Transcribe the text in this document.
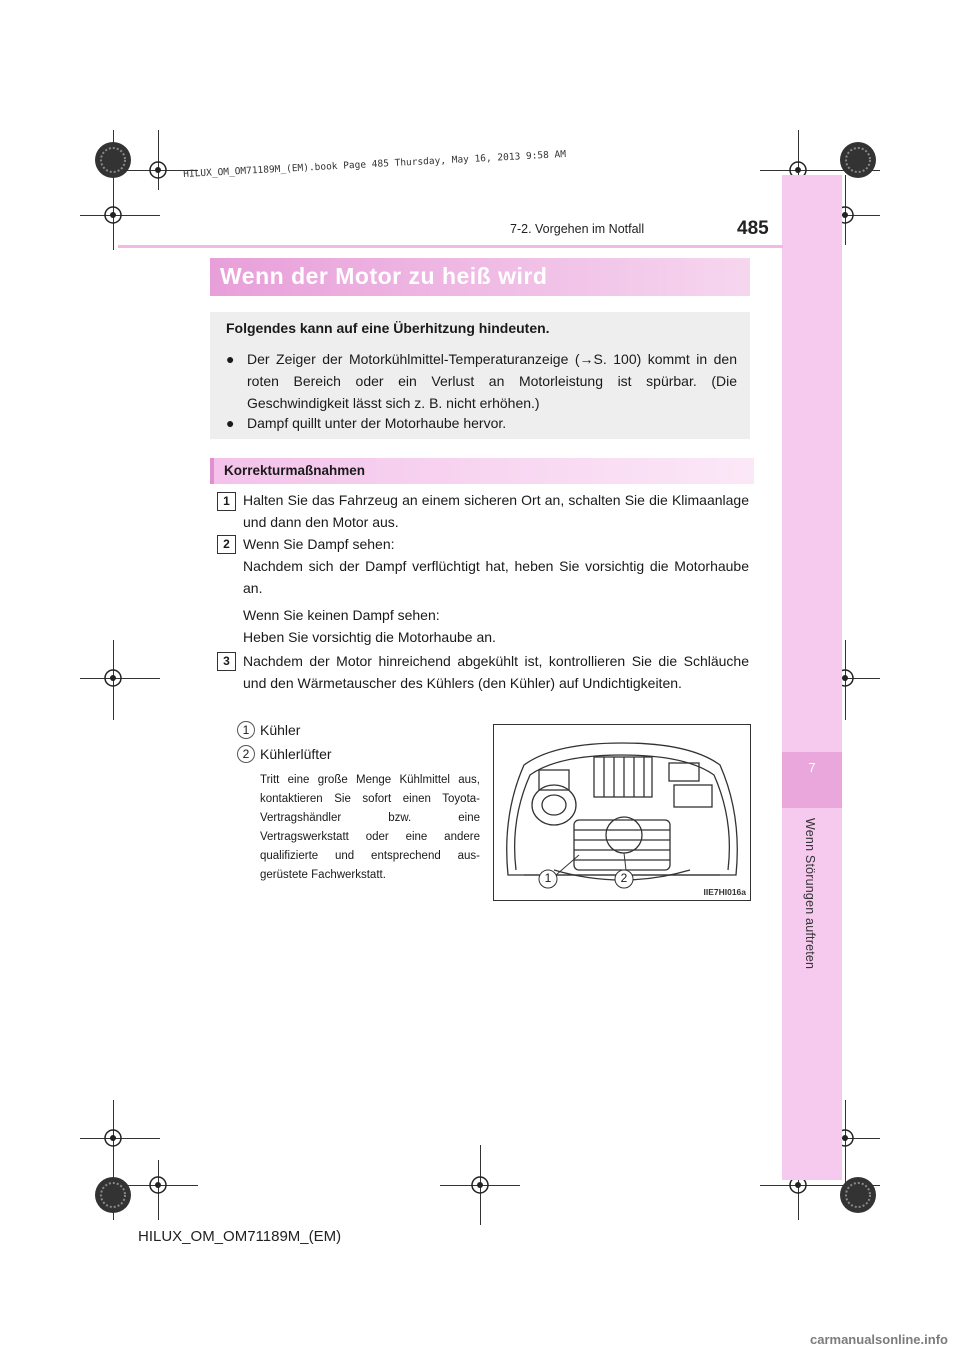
7
Wenn Störungen auftreten
HILUX_OM_OM71189M_(EM).book Page 485 Thursday, May 16, 2013 9:58 AM
7-2. Vorgehen im Notfall	485
Wenn der Motor zu heiß wird
Folgendes kann auf eine Überhitzung hindeuten.
● Der Zeiger der Motorkühlmittel-Temperaturanzeige (→S. 100) kommt in den roten Bereich oder ein Verlust an Motorleistung ist spürbar. (Die Geschwindigkeit lässt sich z. B. nicht erhöhen.)
● Dampf quillt unter der Motorhaube hervor.
Korrekturmaßnahmen
1 Halten Sie das Fahrzeug an einem sicheren Ort an, schalten Sie die Klimaanlage und dann den Motor aus.
2 Wenn Sie Dampf sehen:
Nachdem sich der Dampf verflüchtigt hat, heben Sie vorsichtig die Motorhaube an.
Wenn Sie keinen Dampf sehen:
Heben Sie vorsichtig die Motorhaube an.
3 Nachdem der Motor hinreichend abgekühlt ist, kontrollieren Sie die Schläuche und den Wärmetauscher des Kühlers (den Kühler) auf Undichtigkeiten.
1 Kühler
2 Kühlerlüfter
Tritt eine große Menge Kühlmittel aus, kontaktieren Sie sofort einen Toyota-Vertragshändler bzw. eine Vertragswerkstatt oder eine andere qualifizierte und entsprechend ausgerüstete Fachwerkstatt.	1	2
IIE7HI016a
HILUX_OM_OM71189M_(EM)
carmanualsonline.info
